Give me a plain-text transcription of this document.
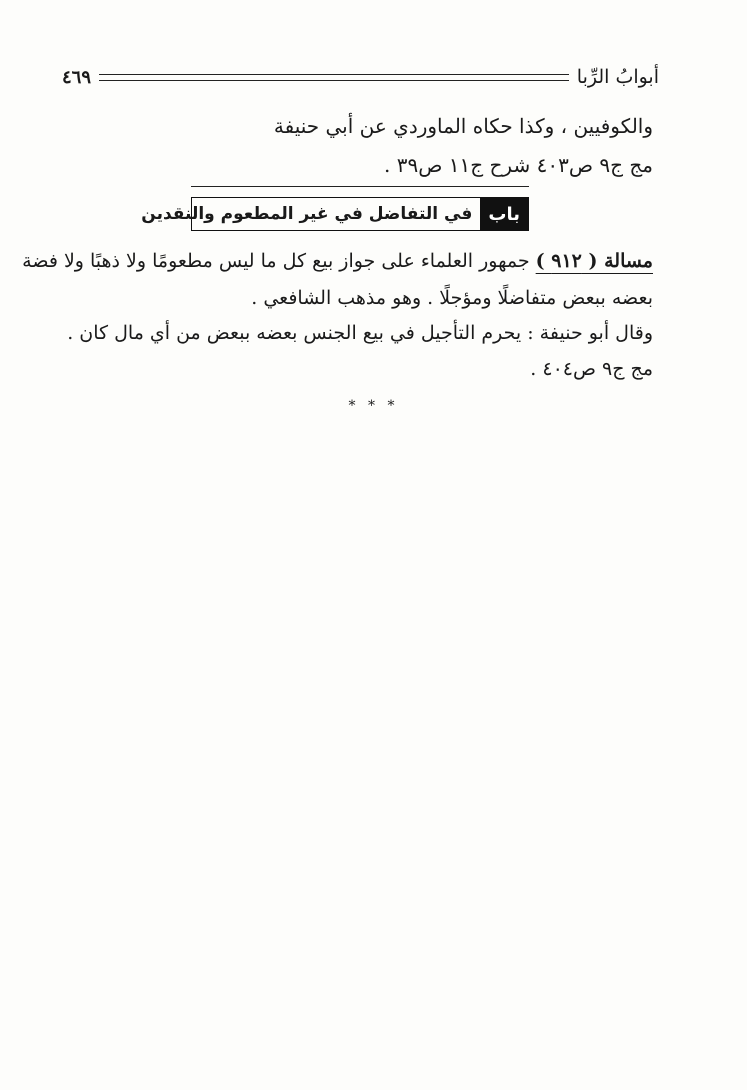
أبوابُ الرِّبا
٤٦٩
والكوفيين ، وكذا حكاه الماوردي عن أبي حنيفة
مج ج٩ ص٤٠٣ شرح ج١١ ص٣٩ .
باب
في التفاضل في غير المطعوم والنقدين
مسالة ( ٩١٢ ) جمهور العلماء على جواز بيع كل ما ليس مطعومًا ولا ذهبًا ولا فضة
بعضه ببعض متفاضلًا ومؤجلًا . وهو مذهب الشافعي .
وقال أبو حنيفة : يحرم التأجيل في بيع الجنس بعضه ببعض من أي مال كان .
مج ج٩ ص٤٠٤ .
* * *
